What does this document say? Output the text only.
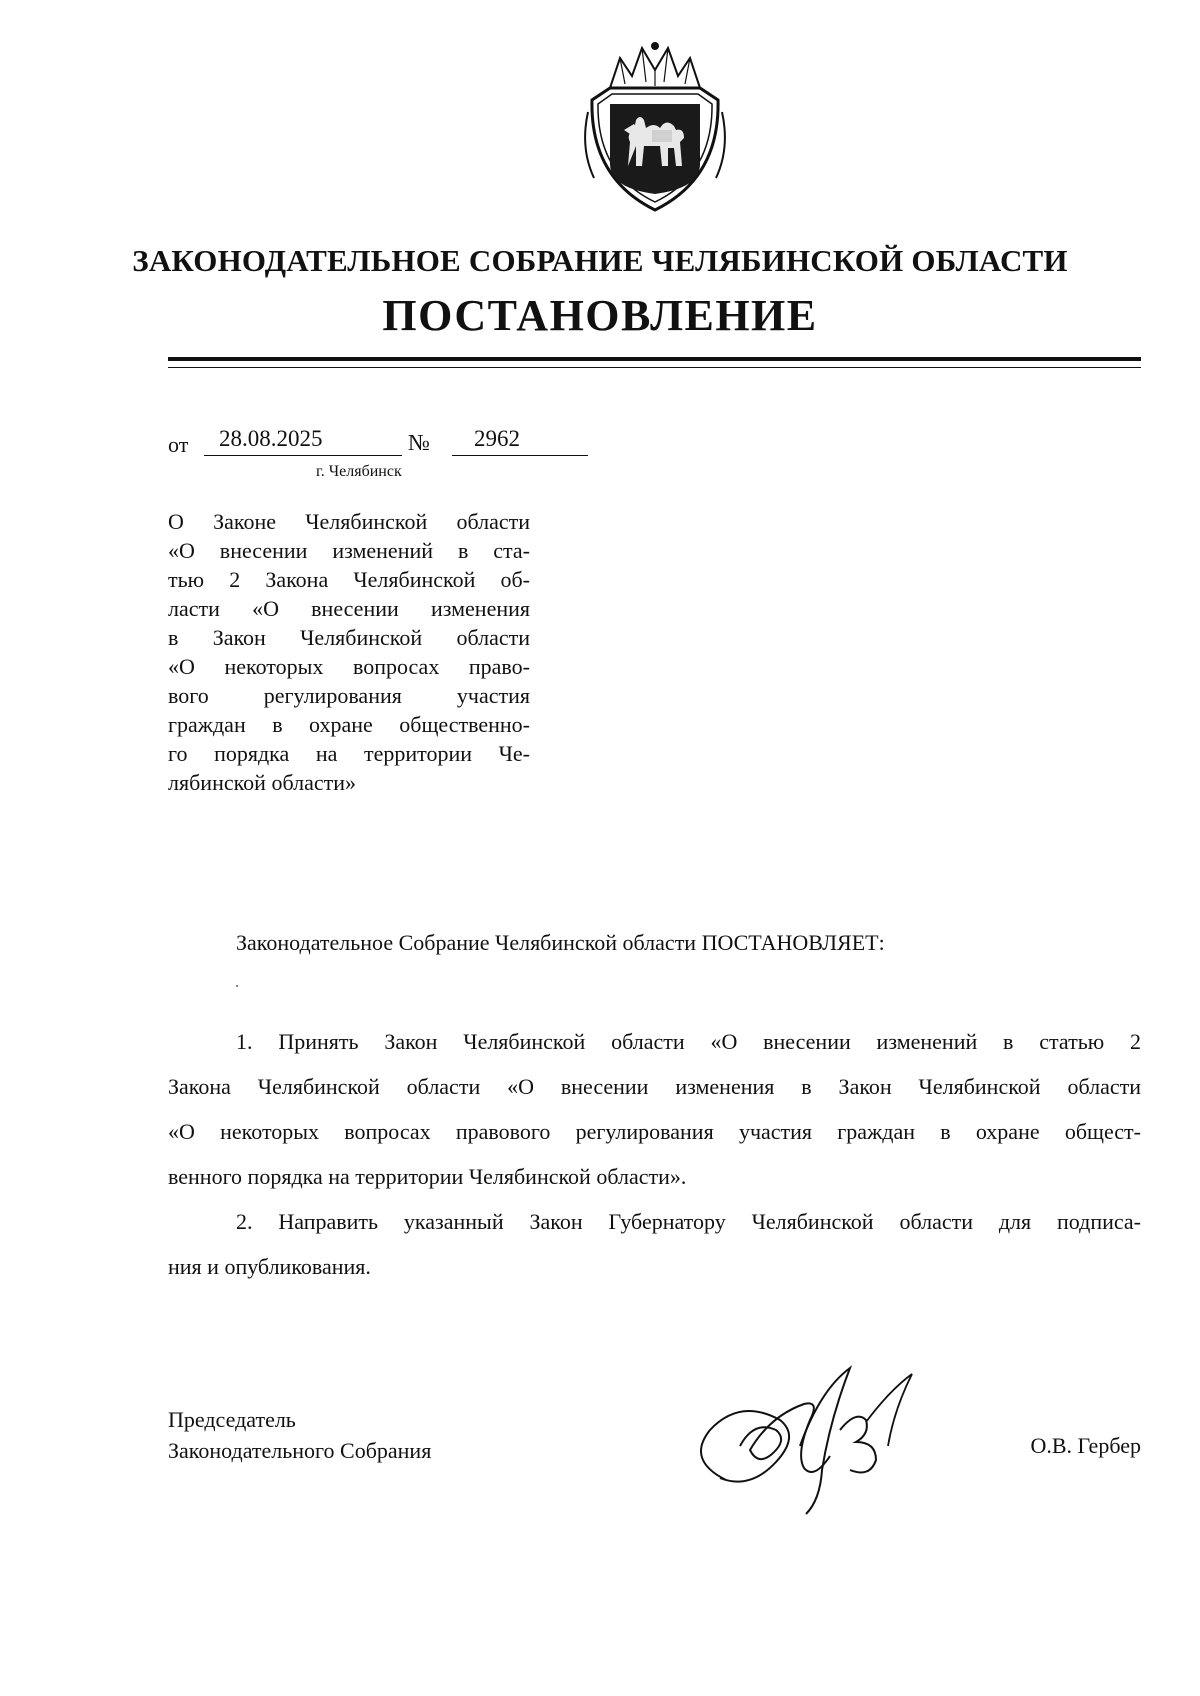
ЗАКОНОДАТЕЛЬНОЕ СОБРАНИЕ ЧЕЛЯБИНСКОЙ ОБЛАСТИ
ПОСТАНОВЛЕНИЕ
от	28.08.2025	№	2962
г. Челябинск
О Законе Челябинской области
«О внесении изменений в ста-
тью 2 Закона Челябинской об-
ласти «О внесении изменения
в Закон Челябинской области
«О некоторых вопросах право-
вого регулирования участия
граждан в охране общественно-
го порядка на территории Че-
лябинской области»
Законодательное Собрание Челябинской области ПОСТАНОВЛЯЕТ:
1. Принять Закон Челябинской области «О внесении изменений в статью 2
Закона Челябинской области «О внесении изменения в Закон Челябинской области
«О некоторых вопросах правового регулирования участия граждан в охране общест-
венного порядка на территории Челябинской области».
2. Направить указанный Закон Губернатору Челябинской области для подписа-
ния и опубликования.
Председатель
Законодательного Собрания	О.В. Гербер
